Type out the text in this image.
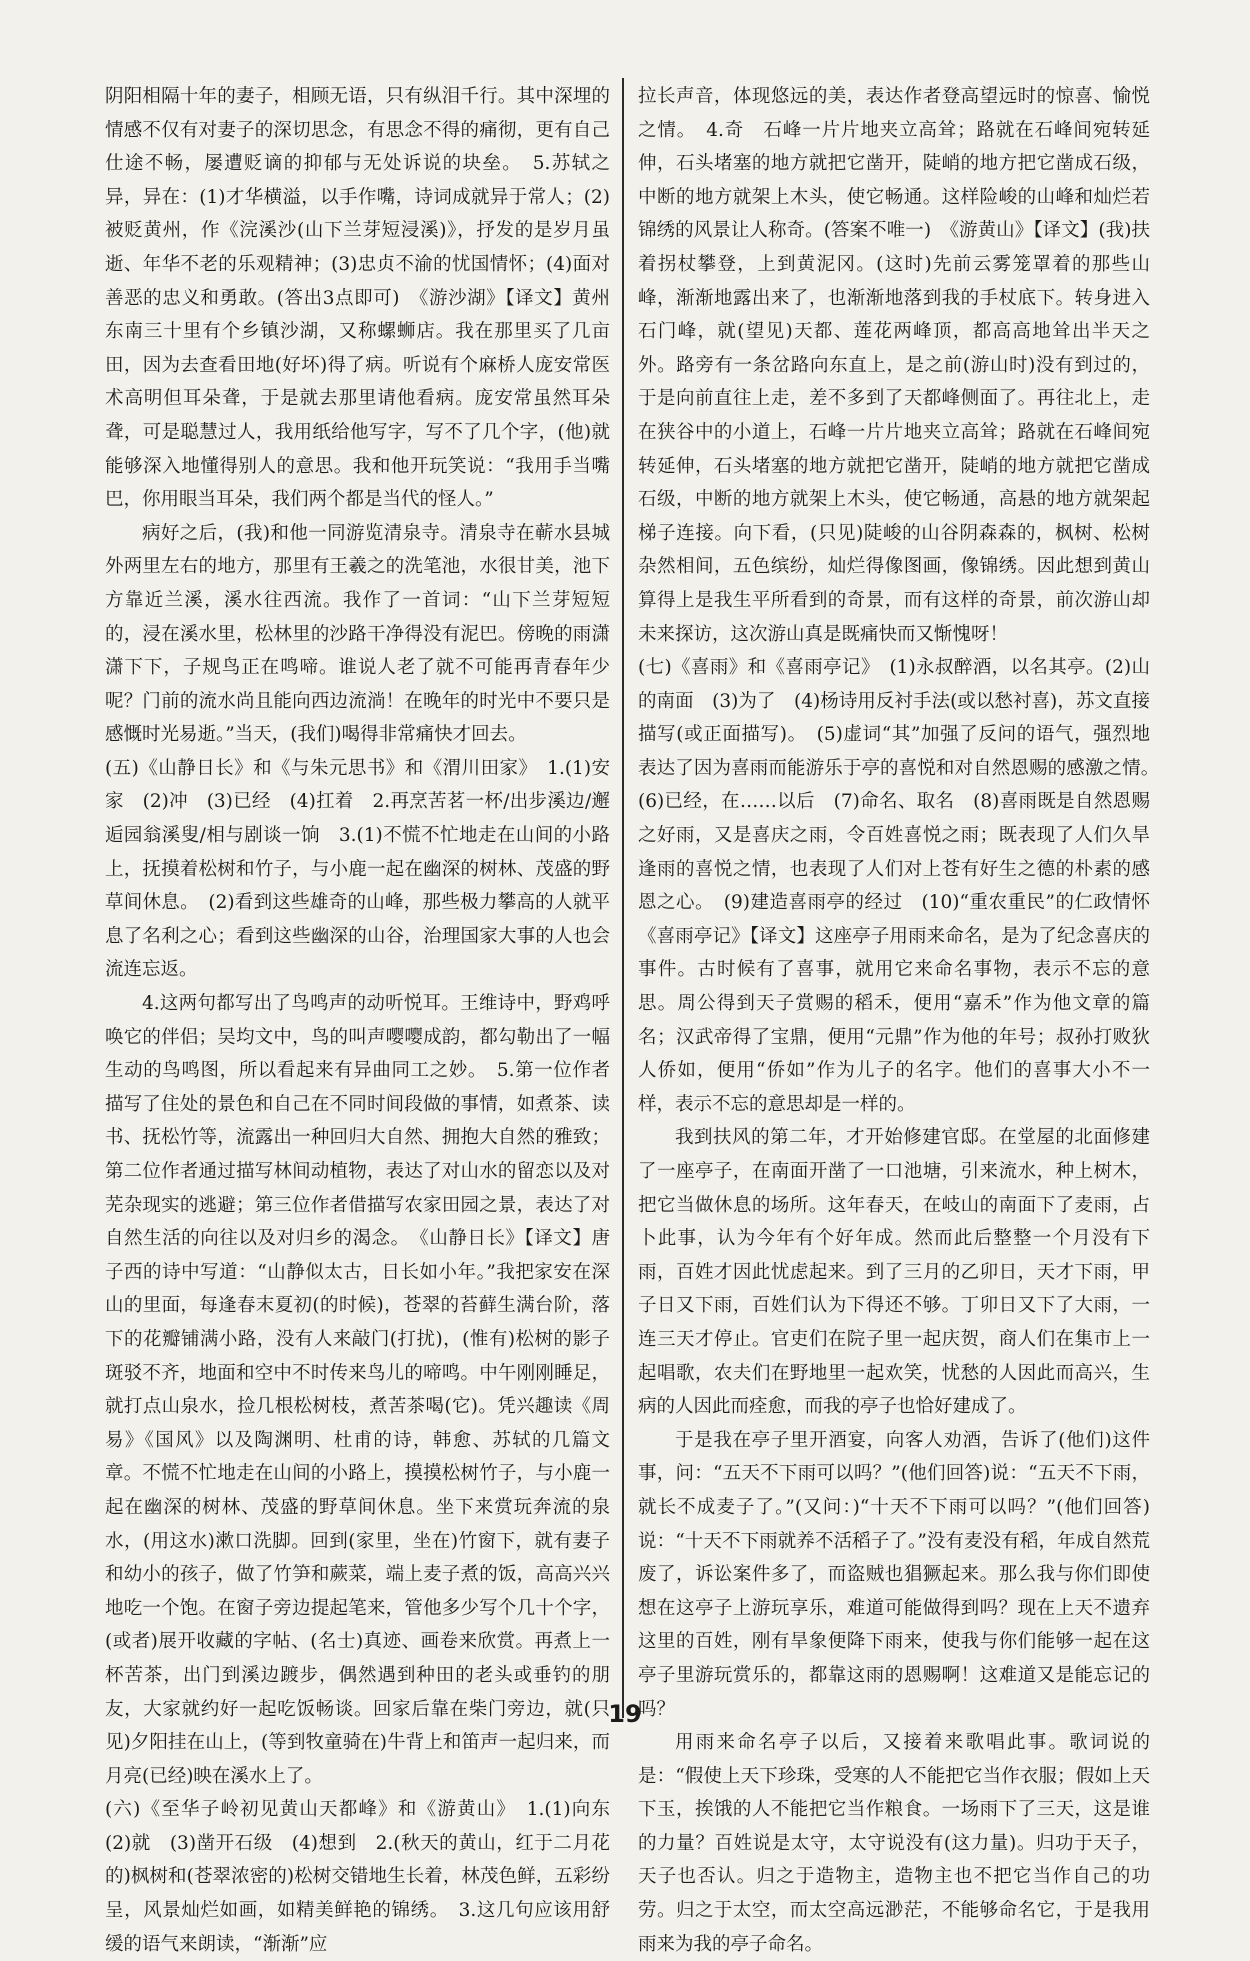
阴阳相隔十年的妻子，相顾无语，只有纵泪千行。其中深埋的情感不仅有对妻子的深切思念，有思念不得的痛彻，更有自己仕途不畅，屡遭贬谪的抑郁与无处诉说的块垒。　5.苏轼之异，异在：(1)才华横溢，以手作嘴，诗词成就异于常人；(2)被贬黄州，作《浣溪沙(山下兰芽短浸溪)》，抒发的是岁月虽逝、年华不老的乐观精神；(3)忠贞不渝的忧国情怀；(4)面对善恶的忠义和勇敢。(答出3点即可)　《游沙湖》【译文】黄州东南三十里有个乡镇沙湖，又称螺蛳店。我在那里买了几亩田，因为去查看田地(好坏)得了病。听说有个麻桥人庞安常医术高明但耳朵聋，于是就去那里请他看病。庞安常虽然耳朵聋，可是聪慧过人，我用纸给他写字，写不了几个字，(他)就能够深入地懂得别人的意思。我和他开玩笑说：“我用手当嘴巴，你用眼当耳朵，我们两个都是当代的怪人。”

病好之后，(我)和他一同游览清泉寺。清泉寺在蕲水县城外两里左右的地方，那里有王羲之的洗笔池，水很甘美，池下方靠近兰溪，溪水往西流。我作了一首词：“山下兰芽短短的，浸在溪水里，松林里的沙路干净得没有泥巴。傍晚的雨潇潇下下，子规鸟正在鸣啼。谁说人老了就不可能再青春年少呢？门前的流水尚且能向西边流淌！在晚年的时光中不要只是感慨时光易逝。”当天，(我们)喝得非常痛快才回去。

(五)《山静日长》和《与朱元思书》和《渭川田家》　1.(1)安家　(2)冲　(3)已经　(4)扛着　2.再烹苦茗一杯/出步溪边/邂逅园翁溪叟/相与剧谈一饷　3.(1)不慌不忙地走在山间的小路上，抚摸着松树和竹子，与小鹿一起在幽深的树林、茂盛的野草间休息。　(2)看到这些雄奇的山峰，那些极力攀高的人就平息了名利之心；看到这些幽深的山谷，治理国家大事的人也会流连忘返。

4.这两句都写出了鸟鸣声的动听悦耳。王维诗中，野鸡呼唤它的伴侣；吴均文中，鸟的叫声嘤嘤成韵，都勾勒出了一幅生动的鸟鸣图，所以看起来有异曲同工之妙。　5.第一位作者描写了住处的景色和自己在不同时间段做的事情，如煮茶、读书、抚松竹等，流露出一种回归大自然、拥抱大自然的雅致；第二位作者通过描写林间动植物，表达了对山水的留恋以及对芜杂现实的逃避；第三位作者借描写农家田园之景，表达了对自然生活的向往以及对归乡的渴念。　《山静日长》【译文】唐子西的诗中写道：“山静似太古，日长如小年。”我把家安在深山的里面，每逢春末夏初(的时候)，苍翠的苔藓生满台阶，落下的花瓣铺满小路，没有人来敲门(打扰)，(惟有)松树的影子斑驳不齐，地面和空中不时传来鸟儿的啼鸣。中午刚刚睡足，就打点山泉水，捡几根松树枝，煮苦茶喝(它)。凭兴趣读《周易》《国风》以及陶渊明、杜甫的诗，韩愈、苏轼的几篇文章。不慌不忙地走在山间的小路上，摸摸松树竹子，与小鹿一起在幽深的树林、茂盛的野草间休息。坐下来赏玩奔流的泉水，(用这水)漱口洗脚。回到(家里，坐在)竹窗下，就有妻子和幼小的孩子，做了竹笋和蕨菜，端上麦子煮的饭，高高兴兴地吃一个饱。在窗子旁边提起笔来，管他多少写个几十个字，(或者)展开收藏的字帖、(名士)真迹、画卷来欣赏。再煮上一杯苦茶，出门到溪边踱步，偶然遇到种田的老头或垂钓的朋友，大家就约好一起吃饭畅谈。回家后靠在柴门旁边，就(只见)夕阳挂在山上，(等到牧童骑在)牛背上和笛声一起归来，而月亮(已经)映在溪水上了。

(六)《至华子岭初见黄山天都峰》和《游黄山》　1.(1)向东　(2)就　(3)凿开石级　(4)想到　2.(秋天的黄山，红于二月花的)枫树和(苍翠浓密的)松树交错地生长着，林茂色鲜，五彩纷呈，风景灿烂如画，如精美鲜艳的锦绣。　3.这几句应该用舒缓的语气来朗读，“渐渐”应

拉长声音，体现悠远的美，表达作者登高望远时的惊喜、愉悦之情。　4.奇　石峰一片片地夹立高耸；路就在石峰间宛转延伸，石头堵塞的地方就把它凿开，陡峭的地方把它凿成石级，中断的地方就架上木头，使它畅通。这样险峻的山峰和灿烂若锦绣的风景让人称奇。(答案不唯一)　《游黄山》【译文】(我)扶着拐杖攀登，上到黄泥冈。(这时)先前云雾笼罩着的那些山峰，渐渐地露出来了，也渐渐地落到我的手杖底下。转身进入石门峰，就(望见)天都、莲花两峰顶，都高高地耸出半天之外。路旁有一条岔路向东直上，是之前(游山时)没有到过的，于是向前直往上走，差不多到了天都峰侧面了。再往北上，走在狭谷中的小道上，石峰一片片地夹立高耸；路就在石峰间宛转延伸，石头堵塞的地方就把它凿开，陡峭的地方就把它凿成石级，中断的地方就架上木头，使它畅通，高悬的地方就架起梯子连接。向下看，(只见)陡峻的山谷阴森森的，枫树、松树杂然相间，五色缤纷，灿烂得像图画，像锦绣。因此想到黄山算得上是我生平所看到的奇景，而有这样的奇景，前次游山却未来探访，这次游山真是既痛快而又惭愧呀！

(七)《喜雨》和《喜雨亭记》　(1)永叔醉酒，以名其亭。(2)山的南面　(3)为了　(4)杨诗用反衬手法(或以愁衬喜)，苏文直接描写(或正面描写)。　(5)虚词“其”加强了反问的语气，强烈地表达了因为喜雨而能游乐于亭的喜悦和对自然恩赐的感激之情。　(6)已经，在……以后　(7)命名、取名　(8)喜雨既是自然恩赐之好雨，又是喜庆之雨，令百姓喜悦之雨；既表现了人们久旱逢雨的喜悦之情，也表现了人们对上苍有好生之德的朴素的感恩之心。　(9)建造喜雨亭的经过　(10)“重农重民”的仁政情怀　《喜雨亭记》【译文】这座亭子用雨来命名，是为了纪念喜庆的事件。古时候有了喜事，就用它来命名事物，表示不忘的意思。周公得到天子赏赐的稻禾，便用“嘉禾”作为他文章的篇名；汉武帝得了宝鼎，便用“元鼎”作为他的年号；叔孙打败狄人侨如，便用“侨如”作为儿子的名字。他们的喜事大小不一样，表示不忘的意思却是一样的。

我到扶风的第二年，才开始修建官邸。在堂屋的北面修建了一座亭子，在南面开凿了一口池塘，引来流水，种上树木，把它当做休息的场所。这年春天，在岐山的南面下了麦雨，占卜此事，认为今年有个好年成。然而此后整整一个月没有下雨，百姓才因此忧虑起来。到了三月的乙卯日，天才下雨，甲子日又下雨，百姓们认为下得还不够。丁卯日又下了大雨，一连三天才停止。官吏们在院子里一起庆贺，商人们在集市上一起唱歌，农夫们在野地里一起欢笑，忧愁的人因此而高兴，生病的人因此而痊愈，而我的亭子也恰好建成了。

于是我在亭子里开酒宴，向客人劝酒，告诉了(他们)这件事，问：“五天不下雨可以吗？”(他们回答)说：“五天不下雨，就长不成麦子了。”(又问：)“十天不下雨可以吗？”(他们回答)说：“十天不下雨就养不活稻子了。”没有麦没有稻，年成自然荒废了，诉讼案件多了，而盗贼也猖獗起来。那么我与你们即使想在这亭子上游玩享乐，难道可能做得到吗？现在上天不遗弃这里的百姓，刚有旱象便降下雨来，使我与你们能够一起在这亭子里游玩赏乐的，都靠这雨的恩赐啊！这难道又是能忘记的吗？

用雨来命名亭子以后，又接着来歌唱此事。歌词说的是：“假使上天下珍珠，受寒的人不能把它当作衣服；假如上天下玉，挨饿的人不能把它当作粮食。一场雨下了三天，这是谁的力量？百姓说是太守，太守说没有(这力量)。归功于天子，天子也否认。归之于造物主，造物主也不把它当作自己的功劳。归之于太空，而太空高远渺茫，不能够命名它，于是我用雨来为我的亭子命名。

19
